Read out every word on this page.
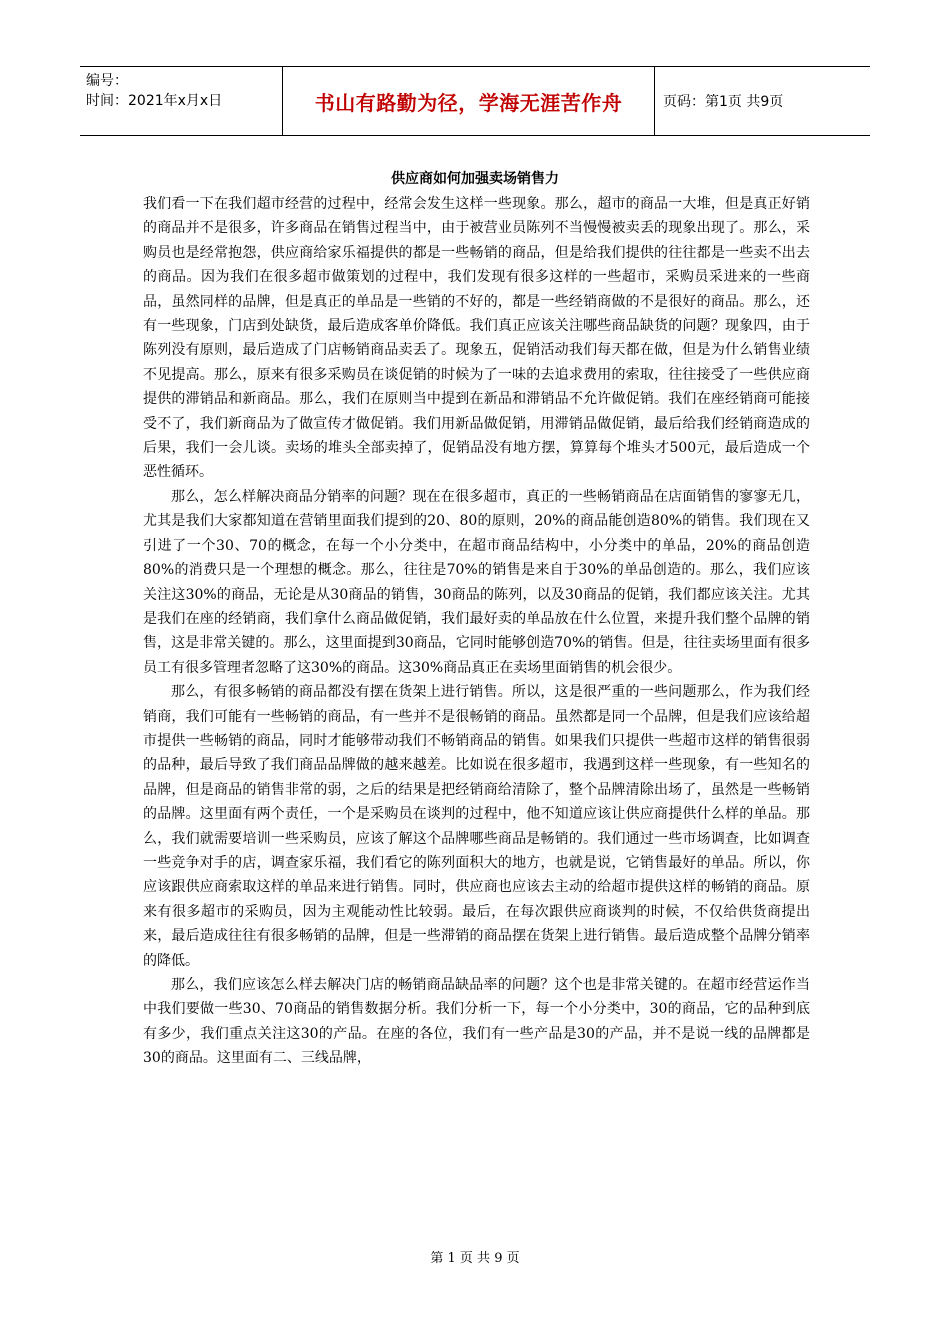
编号：
时间：2021年x月x日	书山有路勤为径，学海无涯苦作舟	页码：第1页 共9页
供应商如何加强卖场销售力

我们看一下在我们超市经营的过程中，经常会发生这样一些现象。那么，超市的商品一大堆，但是真正好销的商品并不是很多，许多商品在销售过程当中，由于被营业员陈列不当慢慢被卖丢的现象出现了。那么，采购员也是经常抱怨，供应商给家乐福提供的都是一些畅销的商品，但是给我们提供的往往都是一些卖不出去的商品。因为我们在很多超市做策划的过程中，我们发现有很多这样的一些超市，采购员采进来的一些商品，虽然同样的品牌，但是真正的单品是一些销的不好的，都是一些经销商做的不是很好的商品。那么，还有一些现象，门店到处缺货，最后造成客单价降低。我们真正应该关注哪些商品缺货的问题？现象四，由于陈列没有原则，最后造成了门店畅销商品卖丢了。现象五，促销活动我们每天都在做，但是为什么销售业绩不见提高。那么，原来有很多采购员在谈促销的时候为了一味的去追求费用的索取，往往接受了一些供应商提供的滞销品和新商品。那么，我们在原则当中提到在新品和滞销品不允许做促销。我们在座经销商可能接受不了，我们新商品为了做宣传才做促销。我们用新品做促销，用滞销品做促销，最后给我们经销商造成的后果，我们一会儿谈。卖场的堆头全部卖掉了，促销品没有地方摆，算算每个堆头才500元，最后造成一个恶性循环。

那么，怎么样解决商品分销率的问题？现在在很多超市，真正的一些畅销商品在店面销售的寥寥无几，尤其是我们大家都知道在营销里面我们提到的20、80的原则，20%的商品能创造80%的销售。我们现在又引进了一个30、70的概念，在每一个小分类中，在超市商品结构中，小分类中的单品，20%的商品创造80%的消费只是一个理想的概念。那么，往往是70%的销售是来自于30%的单品创造的。那么，我们应该关注这30%的商品，无论是从30商品的销售，30商品的陈列，以及30商品的促销，我们都应该关注。尤其是我们在座的经销商，我们拿什么商品做促销，我们最好卖的单品放在什么位置，来提升我们整个品牌的销售，这是非常关键的。那么，这里面提到30商品，它同时能够创造70%的销售。但是，往往卖场里面有很多员工有很多管理者忽略了这30%的商品。这30%商品真正在卖场里面销售的机会很少。

那么，有很多畅销的商品都没有摆在货架上进行销售。所以，这是很严重的一些问题那么，作为我们经销商，我们可能有一些畅销的商品，有一些并不是很畅销的商品。虽然都是同一个品牌，但是我们应该给超市提供一些畅销的商品，同时才能够带动我们不畅销商品的销售。如果我们只提供一些超市这样的销售很弱的品种，最后导致了我们商品品牌做的越来越差。比如说在很多超市，我遇到这样一些现象，有一些知名的品牌，但是商品的销售非常的弱，之后的结果是把经销商给清除了，整个品牌清除出场了，虽然是一些畅销的品牌。这里面有两个责任，一个是采购员在谈判的过程中，他不知道应该让供应商提供什么样的单品。那么，我们就需要培训一些采购员，应该了解这个品牌哪些商品是畅销的。我们通过一些市场调查，比如调查一些竞争对手的店，调查家乐福，我们看它的陈列面积大的地方，也就是说，它销售最好的单品。所以，你应该跟供应商索取这样的单品来进行销售。同时，供应商也应该去主动的给超市提供这样的畅销的商品。原来有很多超市的采购员，因为主观能动性比较弱。最后，在每次跟供应商谈判的时候，不仅给供货商提出来，最后造成往往有很多畅销的品牌，但是一些滞销的商品摆在货架上进行销售。最后造成整个品牌分销率的降低。

那么，我们应该怎么样去解决门店的畅销商品缺品率的问题？这个也是非常关键的。在超市经营运作当中我们要做一些30、70商品的销售数据分析。我们分析一下，每一个小分类中，30的商品，它的品种到底有多少，我们重点关注这30的产品。在座的各位，我们有一些产品是30的产品，并不是说一线的品牌都是30的商品。这里面有二、三线品牌，

第 1 页 共 9 页
